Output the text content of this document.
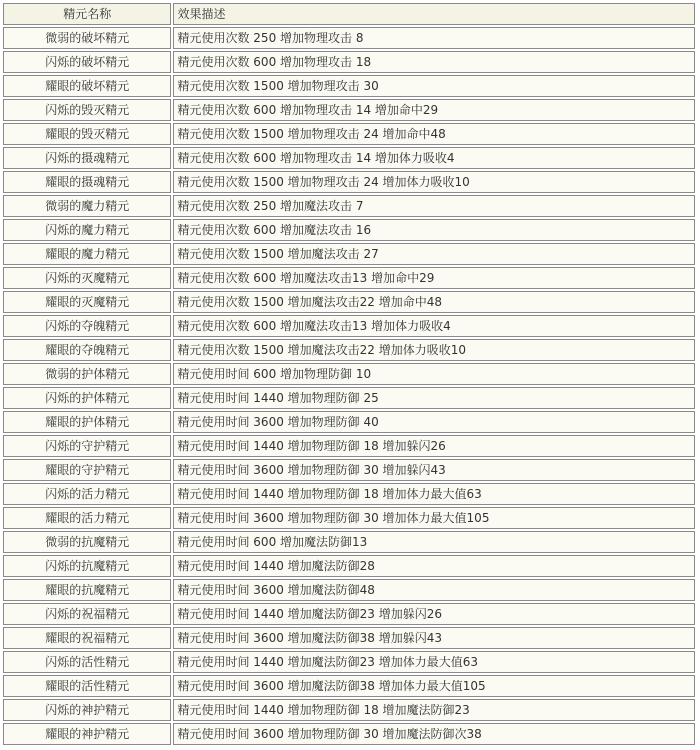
精元名称	效果描述
微弱的破坏精元	精元使用次数 250 增加物理攻击 8
闪烁的破坏精元	精元使用次数 600 增加物理攻击 18
耀眼的破坏精元	精元使用次数 1500 增加物理攻击 30
闪烁的毁灭精元	精元使用次数 600 增加物理攻击 14 增加命中29
耀眼的毁灭精元	精元使用次数 1500 增加物理攻击 24 增加命中48
闪烁的摄魂精元	精元使用次数 600 增加物理攻击 14 增加体力吸收4
耀眼的摄魂精元	精元使用次数 1500 增加物理攻击 24 增加体力吸收10
微弱的魔力精元	精元使用次数 250 增加魔法攻击 7
闪烁的魔力精元	精元使用次数 600 增加魔法攻击 16
耀眼的魔力精元	精元使用次数 1500 增加魔法攻击 27
闪烁的灭魔精元	精元使用次数 600 增加魔法攻击13 增加命中29
耀眼的灭魔精元	精元使用次数 1500 增加魔法攻击22 增加命中48
闪烁的夺魄精元	精元使用次数 600 增加魔法攻击13 增加体力吸收4
耀眼的夺魄精元	精元使用次数 1500 增加魔法攻击22 增加体力吸收10
微弱的护体精元	精元使用时间 600 增加物理防御 10
闪烁的护体精元	精元使用时间 1440 增加物理防御 25
耀眼的护体精元	精元使用时间 3600 增加物理防御 40
闪烁的守护精元	精元使用时间 1440 增加物理防御 18 增加躲闪26
耀眼的守护精元	精元使用时间 3600 增加物理防御 30 增加躲闪43
闪烁的活力精元	精元使用时间 1440 增加物理防御 18 增加体力最大值63
耀眼的活力精元	精元使用时间 3600 增加物理防御 30 增加体力最大值105
微弱的抗魔精元	精元使用时间 600 增加魔法防御13
闪烁的抗魔精元	精元使用时间 1440 增加魔法防御28
耀眼的抗魔精元	精元使用时间 3600 增加魔法防御48
闪烁的祝福精元	精元使用时间 1440 增加魔法防御23 增加躲闪26
耀眼的祝福精元	精元使用时间 3600 增加魔法防御38 增加躲闪43
闪烁的活性精元	精元使用时间 1440 增加魔法防御23 增加体力最大值63
耀眼的活性精元	精元使用时间 3600 增加魔法防御38 增加体力最大值105
闪烁的神护精元	精元使用时间 1440 增加物理防御 18 增加魔法防御23
耀眼的神护精元	精元使用时间 3600 增加物理防御 30 增加魔法防御次38
